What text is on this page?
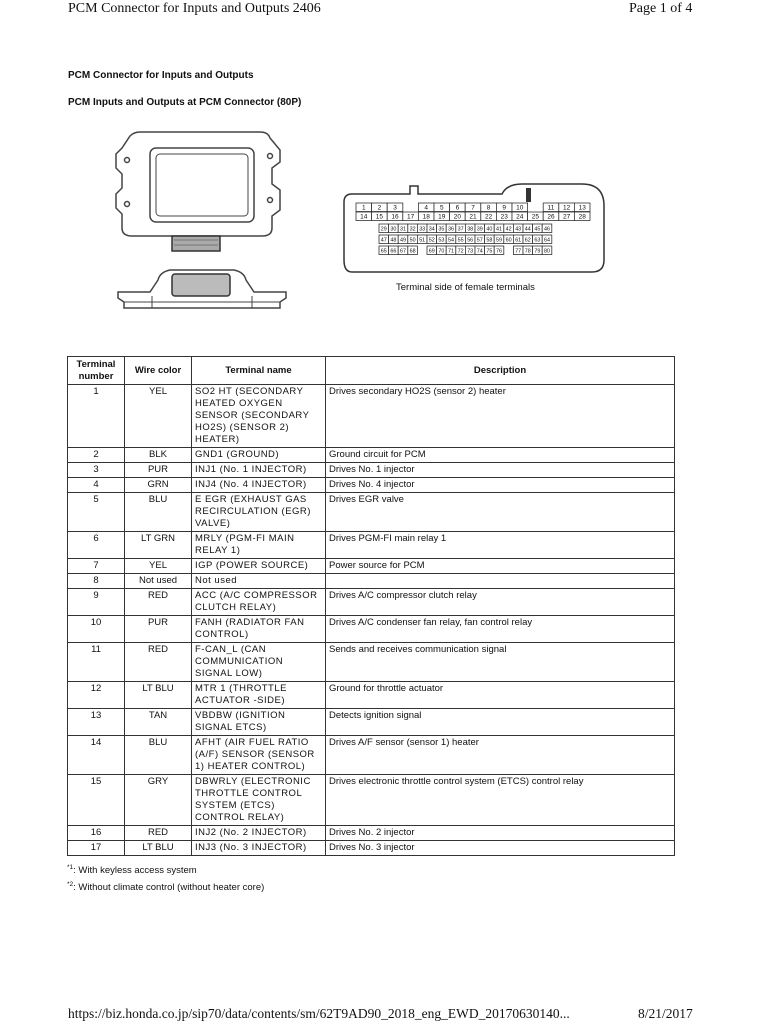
PCM Connector for Inputs and Outputs 2406	Page 1 of 4
PCM Connector for Inputs and Outputs
PCM Inputs and Outputs at PCM Connector (80P)
1 2 3	4 5 6 7 8 9 10	11 12 13
14 15 16 17 18 19 20 21 22 23 24 25 26 27 28
29 30 31 32 33 34 35 36 37 38 39 40 41 42 43 44 45 46
47 48 49 50 51 52 53 54 55 56 57 58 59 60 61 62 63 64
65 66 67 68 69 70 71 72 73 74 75 76 77 78 79 80
Terminal side of female terminals
Terminal number	Wire color	Terminal name	Description
1	YEL	SO2 HT (SECONDARY HEATED OXYGEN SENSOR (SECONDARY HO2S) (SENSOR 2) HEATER)	Drives secondary HO2S (sensor 2) heater
2	BLK	GND1 (GROUND)	Ground circuit for PCM
3	PUR	INJ1 (No. 1 INJECTOR)	Drives No. 1 injector
4	GRN	INJ4 (No. 4 INJECTOR)	Drives No. 4 injector
5	BLU	E EGR (EXHAUST GAS RECIRCULATION (EGR) VALVE)	Drives EGR valve
6	LT GRN	MRLY (PGM-FI MAIN RELAY 1)	Drives PGM-FI main relay 1
7	YEL	IGP (POWER SOURCE)	Power source for PCM
8	Not used	Not used	
9	RED	ACC (A/C COMPRESSOR CLUTCH RELAY)	Drives A/C compressor clutch relay
10	PUR	FANH (RADIATOR FAN CONTROL)	Drives A/C condenser fan relay, fan control relay
11	RED	F-CAN_L (CAN COMMUNICATION SIGNAL LOW)	Sends and receives communication signal
12	LT BLU	MTR 1 (THROTTLE ACTUATOR -SIDE)	Ground for throttle actuator
13	TAN	VBDBW (IGNITION SIGNAL ETCS)	Detects ignition signal
14	BLU	AFHT (AIR FUEL RATIO (A/F) SENSOR (SENSOR 1) HEATER CONTROL)	Drives A/F sensor (sensor 1) heater
15	GRY	DBWRLY (ELECTRONIC THROTTLE CONTROL SYSTEM (ETCS) CONTROL RELAY)	Drives electronic throttle control system (ETCS) control relay
16	RED	INJ2 (No. 2 INJECTOR)	Drives No. 2 injector
17	LT BLU	INJ3 (No. 3 INJECTOR)	Drives No. 3 injector
$^{*1}$: With keyless access system
$^{*2}$: Without climate control (without heater core)
https://biz.honda.co.jp/sip70/data/contents/sm/62T9AD90_2018_eng_EWD_20170630140...	8/21/2017
